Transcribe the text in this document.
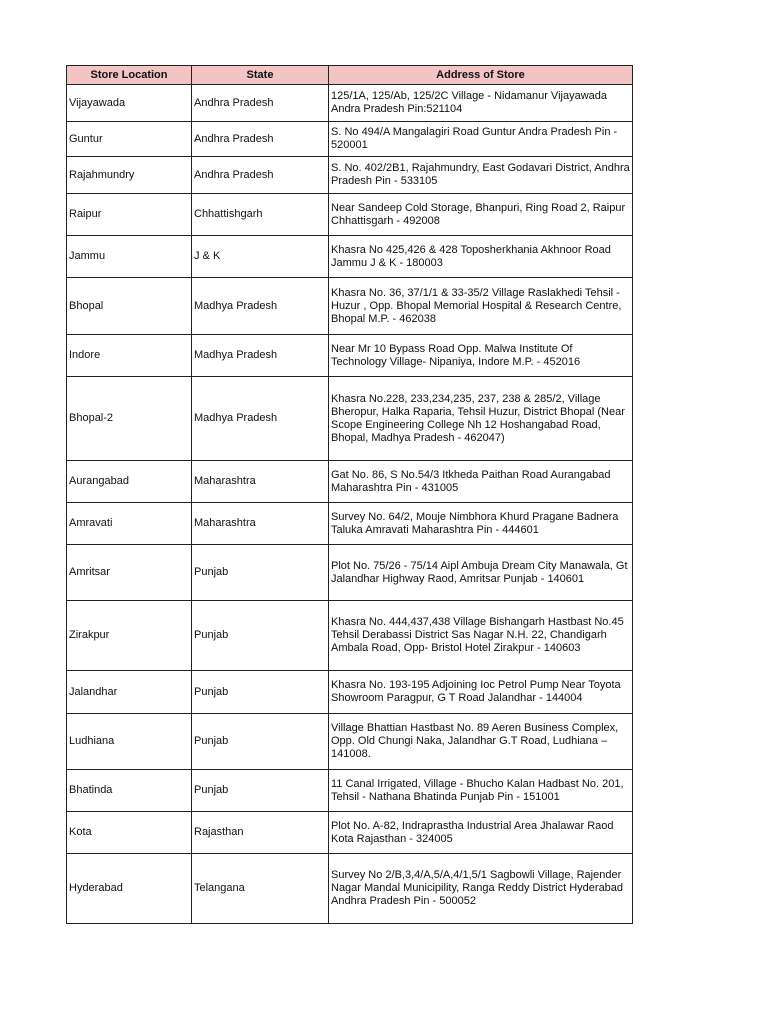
Store Location	State	Address of Store
Vijayawada	Andhra Pradesh	125/1A, 125/Ab, 125/2C Village - Nidamanur Vijayawada Andra Pradesh Pin:521104
Guntur	Andhra Pradesh	S. No 494/A Mangalagiri Road Guntur Andra Pradesh Pin - 520001
Rajahmundry	Andhra Pradesh	S. No. 402/2B1, Rajahmundry, East Godavari District, Andhra Pradesh Pin - 533105
Raipur	Chhattishgarh	Near Sandeep Cold Storage, Bhanpuri, Ring Road 2, Raipur Chhattisgarh - 492008
Jammu	J & K	Khasra No 425,426 & 428 Toposherkhania Akhnoor Road Jammu J & K - 180003
Bhopal	Madhya Pradesh	Khasra No. 36, 37/1/1 & 33-35/2 Village Raslakhedi Tehsil - Huzur , Opp. Bhopal Memorial Hospital & Research Centre, Bhopal M.P. - 462038
Indore	Madhya Pradesh	Near Mr 10 Bypass Road Opp. Malwa Institute Of Technology Village- Nipaniya, Indore M.P. - 452016
Bhopal-2	Madhya Pradesh	Khasra No.228, 233,234,235, 237, 238 & 285/2, Village Bheropur, Halka Raparia, Tehsil Huzur, District Bhopal (Near Scope Engineering College Nh 12 Hoshangabad Road, Bhopal, Madhya Pradesh - 462047)
Aurangabad	Maharashtra	Gat No. 86, S No.54/3 Itkheda Paithan Road Aurangabad Maharashtra Pin - 431005
Amravati	Maharashtra	Survey No. 64/2, Mouje Nimbhora Khurd Pragane Badnera Taluka Amravati Maharashtra Pin - 444601
Amritsar	Punjab	Plot No. 75/26 - 75/14 Aipl Ambuja Dream City Manawala, Gt Jalandhar Highway Raod, Amritsar Punjab - 140601
Zirakpur	Punjab	Khasra No. 444,437,438 Village Bishangarh Hastbast No.45 Tehsil Derabassi District Sas Nagar N.H. 22, Chandigarh Ambala Road, Opp- Bristol Hotel Zirakpur - 140603
Jalandhar	Punjab	Khasra No. 193-195 Adjoining Ioc Petrol Pump Near Toyota Showroom Paragpur, G T Road Jalandhar - 144004
Ludhiana	Punjab	Village Bhattian Hastbast No. 89 Aeren Business Complex, Opp. Old Chungi Naka, Jalandhar G.T Road, Ludhiana – 141008.
Bhatinda	Punjab	11 Canal Irrigated, Village - Bhucho Kalan Hadbast No. 201, Tehsil - Nathana Bhatinda Punjab Pin - 151001
Kota	Rajasthan	Plot No. A-82, Indraprastha Industrial Area Jhalawar Raod Kota Rajasthan - 324005
Hyderabad	Telangana	Survey No 2/B,3,4/A,5/A,4/1,5/1 Sagbowli Village, Rajender Nagar Mandal Municipility, Ranga Reddy District Hyderabad Andhra Pradesh Pin - 500052
